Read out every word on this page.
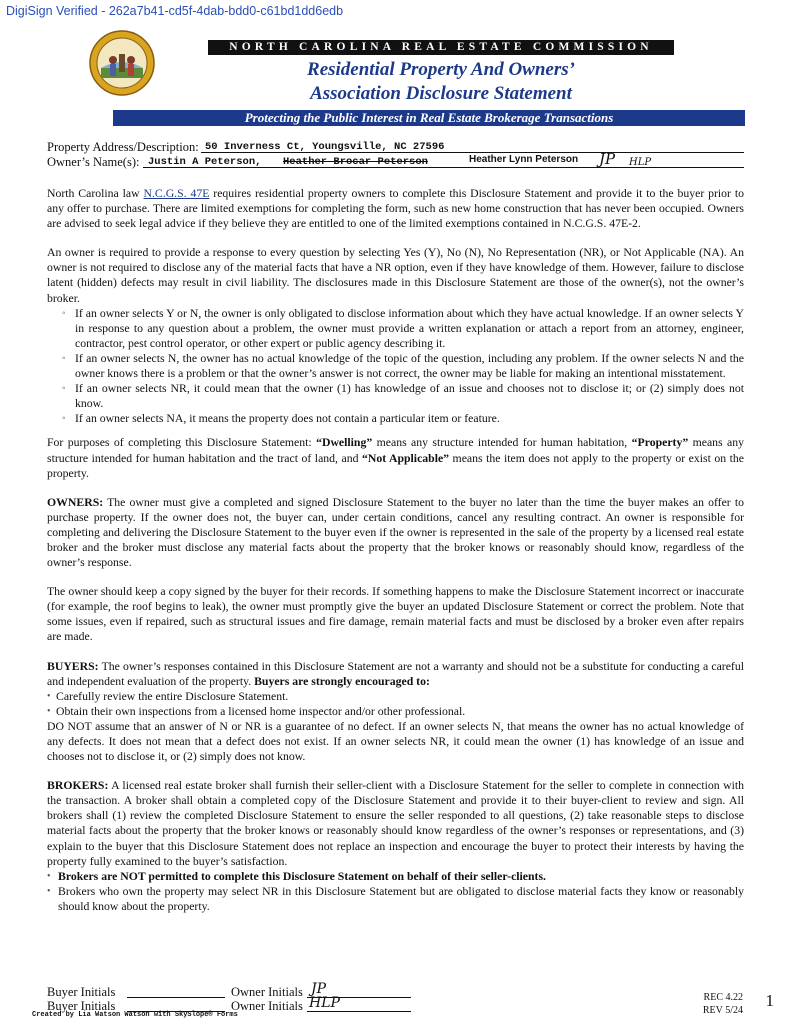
DigiSign Verified - 262a7b41-cd5f-4dab-bdd0-c61bd1dd6edb
NORTH CAROLINA REAL ESTATE COMMISSION
Residential Property And Owners’
Association Disclosure Statement
Protecting the Public Interest in Real Estate Brokerage Transactions
Property Address/Description: 50 Inverness Ct, Youngsville, NC 27596
Owner’s Name(s): Justin A Peterson, Heather Brocar Peterson	Heather Lynn Peterson JP HLP

North Carolina law N.C.G.S. 47E requires residential property owners to complete this Disclosure Statement and provide it to the buyer prior to any offer to purchase. There are limited exemptions for completing the form, such as new home construction that has never been occupied. Owners are advised to seek legal advice if they believe they are entitled to one of the limited exemptions contained in N.C.G.S. 47E-2.

An owner is required to provide a response to every question by selecting Yes (Y), No (N), No Representation (NR), or Not Applicable (NA). An owner is not required to disclose any of the material facts that have a NR option, even if they have knowledge of them. However, failure to disclose latent (hidden) defects may result in civil liability. The disclosures made in this Disclosure Statement are those of the owner(s), not the owner’s broker.

◦ If an owner selects Y or N, the owner is only obligated to disclose information about which they have actual knowledge. If an owner selects Y in response to any question about a problem, the owner must provide a written explanation or attach a report from an attorney, engineer, contractor, pest control operator, or other expert or public agency describing it.
◦ If an owner selects N, the owner has no actual knowledge of the topic of the question, including any problem. If the owner selects N and the owner knows there is a problem or that the owner’s answer is not correct, the owner may be liable for making an intentional misstatement.
◦ If an owner selects NR, it could mean that the owner (1) has knowledge of an issue and chooses not to disclose it; or (2) simply does not know.
◦ If an owner selects NA, it means the property does not contain a particular item or feature.

For purposes of completing this Disclosure Statement: “Dwelling” means any structure intended for human habitation, “Property” means any structure intended for human habitation and the tract of land, and “Not Applicable” means the item does not apply to the property or exist on the property.

OWNERS: The owner must give a completed and signed Disclosure Statement to the buyer no later than the time the buyer makes an offer to purchase property. If the owner does not, the buyer can, under certain conditions, cancel any resulting contract. An owner is responsible for completing and delivering the Disclosure Statement to the buyer even if the owner is represented in the sale of the property by a licensed real estate broker and the broker must disclose any material facts about the property that the broker knows or reasonably should know, regardless of the owner’s response.

The owner should keep a copy signed by the buyer for their records. If something happens to make the Disclosure Statement incorrect or inaccurate (for example, the roof begins to leak), the owner must promptly give the buyer an updated Disclosure Statement or correct the problem. Note that some issues, even if repaired, such as structural issues and fire damage, remain material facts and must be disclosed by a broker even after repairs are made.

BUYERS: The owner’s responses contained in this Disclosure Statement are not a warranty and should not be a substitute for conducting a careful and independent evaluation of the property. Buyers are strongly encouraged to:

• Carefully review the entire Disclosure Statement.
• Obtain their own inspections from a licensed home inspector and/or other professional.

DO NOT assume that an answer of N or NR is a guarantee of no defect. If an owner selects N, that means the owner has no actual knowledge of any defects. It does not mean that a defect does not exist. If an owner selects NR, it could mean the owner (1) has knowledge of an issue and chooses not to disclose it, or (2) simply does not know.

BROKERS: A licensed real estate broker shall furnish their seller-client with a Disclosure Statement for the seller to complete in connection with the transaction. A broker shall obtain a completed copy of the Disclosure Statement and provide it to their buyer-client to review and sign. All brokers shall (1) review the completed Disclosure Statement to ensure the seller responded to all questions, (2) take reasonable steps to disclose material facts about the property that the broker knows or reasonably should know regardless of the owner’s responses or representations, and (3) explain to the buyer that this Disclosure Statement does not replace an inspection and encourage the buyer to protect their interests by having the property fully examined to the buyer’s satisfaction.

• Brokers are NOT permitted to complete this Disclosure Statement on behalf of their seller-clients.
• Brokers who own the property may select NR in this Disclosure Statement but are obligated to disclose material facts they know or reasonably should know about the property.
Buyer Initials	Owner Initials JP
Buyer Initials	Owner Initials HLP	REC 4.22
REV 5/24
1
Created by Lia Watson Watson with SkySlope® Forms
